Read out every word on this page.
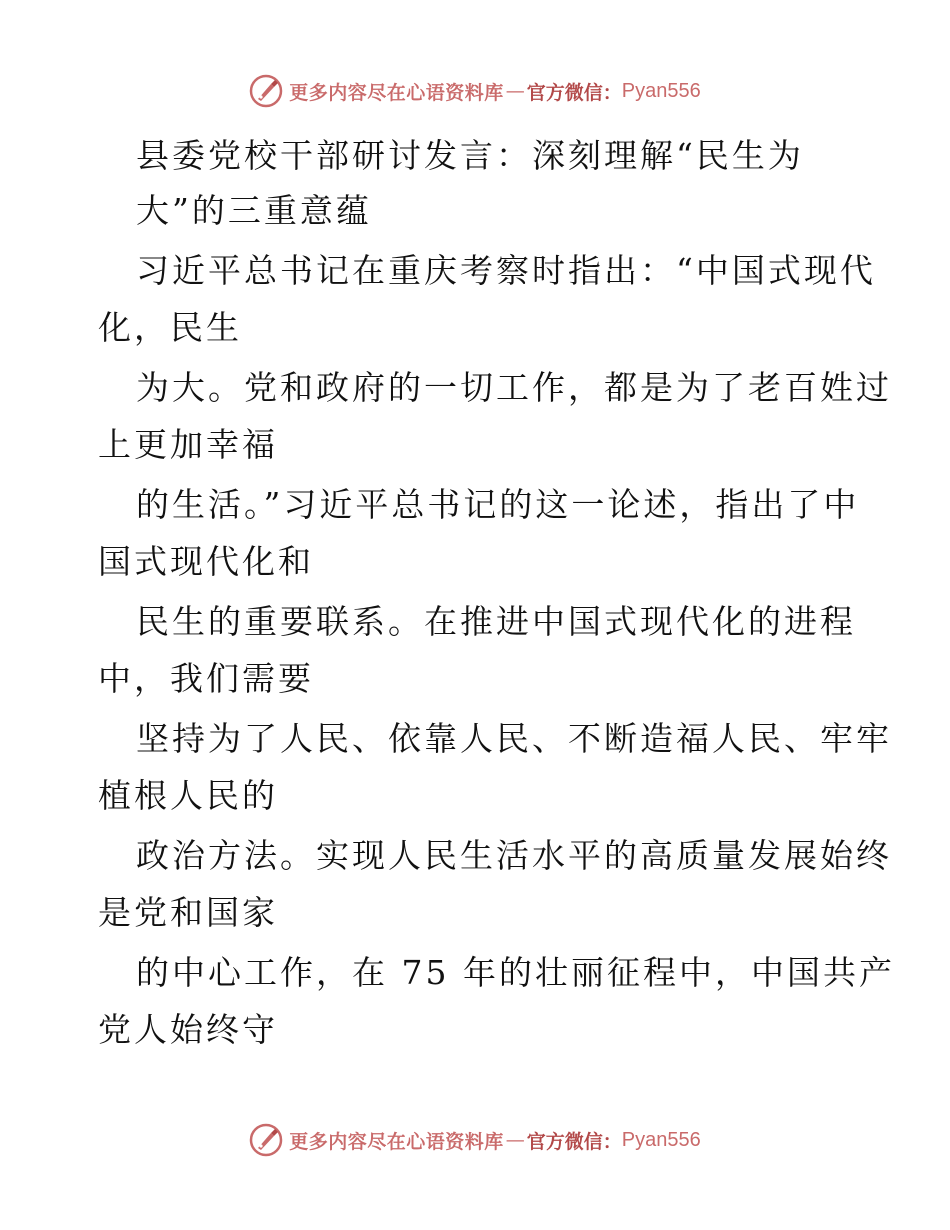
更多内容尽在心语资料库 — 官方微信： Pyan556
县委党校干部研讨发言：深刻理解“民生为
大”的三重意蕴
习近平总书记在重庆考察时指出：“中国式现代
化，民生
为大。党和政府的一切工作，都是为了老百姓过
上更加幸福
的生活。”习近平总书记的这一论述，指出了中
国式现代化和
民生的重要联系。在推进中国式现代化的进程
中，我们需要
坚持为了人民、依靠人民、不断造福人民、牢牢
植根人民的
政治方法。实现人民生活水平的高质量发展始终
是党和国家
的中心工作，在 75 年的壮丽征程中，中国共产
党人始终守
更多内容尽在心语资料库 — 官方微信： Pyan556
